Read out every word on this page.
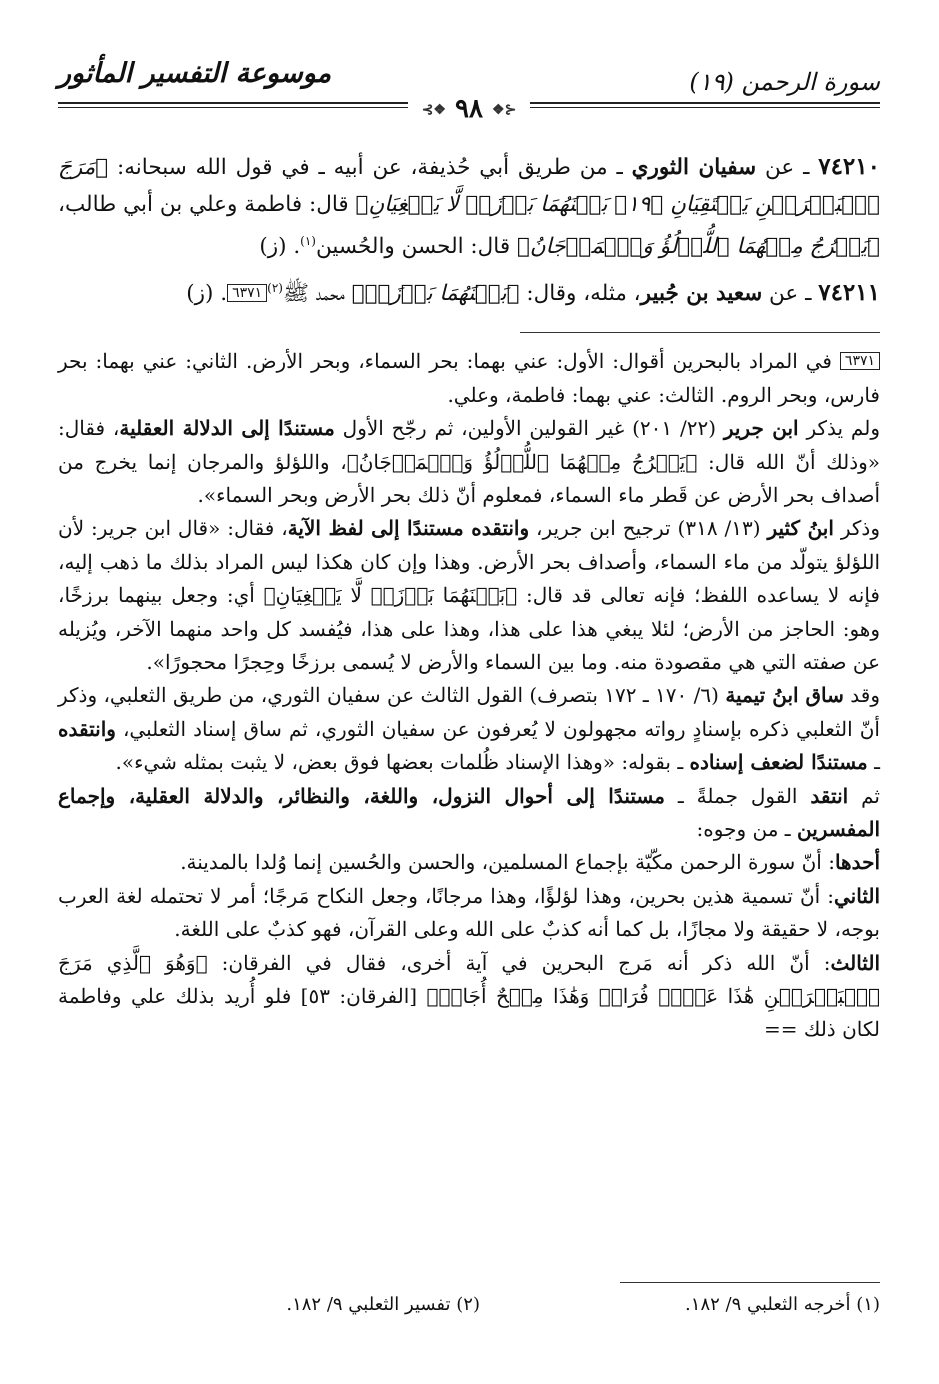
سورة الرحمن (١٩)
موسوعة التفسير المأثور
⊰❖ ٩٨ ❖⊱

٧٤٢١٠ ـ عن سفيان الثوري ـ من طريق أبي حُذيفة، عن أبيه ـ في قول الله سبحانه: ﴿مَرَجَ ٱلۡبَحۡرَيۡنِ يَلۡتَقِيَانِ ﴿١٩﴾ بَيۡنَهُمَا بَرۡزَخٞ لَّا يَبۡغِيَانِ﴾ قال: فاطمة وعلي بن أبي طالب، ﴿يَخۡرُجُ مِنۡهُمَا ٱللُّؤۡلُؤُ وَٱلۡمَرۡجَانُ﴾ قال: الحسن والحُسين$^{(١)}$. (ز)

٧٤٢١١ ـ عن سعيد بن جُبير، مثله، وقال: ﴿بَيۡنَهُمَا بَرۡزَخٞ﴾ محمد ﷺ$^{(٢)}$٦٣٧١. (ز)

٦٣٧١ في المراد بالبحرين أقوال: الأول: عني بهما: بحر السماء، وبحر الأرض. الثاني: عني بهما: بحر فارس، وبحر الروم. الثالث: عني بهما: فاطمة، وعلي.

ولم يذكر ابن جرير (٢٢/ ٢٠١) غير القولين الأولين، ثم رجّح الأول مستندًا إلى الدلالة العقلية، فقال: «وذلك أنّ الله قال: ﴿يَخۡرُجُ مِنۡهُمَا ٱللُّؤۡلُؤُ وَٱلۡمَرۡجَانُ﴾، واللؤلؤ والمرجان إنما يخرج من أصداف بحر الأرض عن قَطر ماء السماء، فمعلوم أنّ ذلك بحر الأرض وبحر السماء».

وذكر ابنُ كثير (١٣/ ٣١٨) ترجيح ابن جرير، وانتقده مستندًا إلى لفظ الآية، فقال: «قال ابن جرير: لأن اللؤلؤ يتولّد من ماء السماء، وأصداف بحر الأرض. وهذا وإن كان هكذا ليس المراد بذلك ما ذهب إليه، فإنه لا يساعده اللفظ؛ فإنه تعالى قد قال: ﴿بَيۡنَهُمَا بَرۡزَخٞ لَّا يَبۡغِيَانِ﴾ أي: وجعل بينهما برزخًا، وهو: الحاجز من الأرض؛ لئلا يبغي هذا على هذا، وهذا على هذا، فيُفسد كل واحد منهما الآخر، ويُزيله عن صفته التي هي مقصودة منه. وما بين السماء والأرض لا يُسمى برزخًا وحِجرًا محجورًا».

وقد ساق ابنُ تيمية (٦/ ١٧٠ ـ ١٧٢ بتصرف) القول الثالث عن سفيان الثوري، من طريق الثعلبي، وذكر أنّ الثعلبي ذكره بإسنادٍ رواته مجهولون لا يُعرفون عن سفيان الثوري، ثم ساق إسناد الثعلبي، وانتقده ـ مستندًا لضعف إسناده ـ بقوله: «وهذا الإسناد ظُلمات بعضها فوق بعض، لا يثبت بمثله شيء».

ثم انتقد القول جملةً ـ مستندًا إلى أحوال النزول، واللغة، والنظائر، والدلالة العقلية، وإجماع المفسرين ـ من وجوه:

أحدها: أنّ سورة الرحمن مكّيّة بإجماع المسلمين، والحسن والحُسين إنما وُلدا بالمدينة.

الثاني: أنّ تسمية هذين بحرين، وهذا لؤلؤًا، وهذا مرجانًا، وجعل النكاح مَرجًا؛ أمر لا تحتمله لغة العرب بوجه، لا حقيقة ولا مجازًا، بل كما أنه كذبٌ على الله وعلى القرآن، فهو كذبٌ على اللغة.

الثالث: أنّ الله ذكر أنه مَرج البحرين في آية أخرى، فقال في الفرقان: ﴿وَهُوَ ٱلَّذِي مَرَجَ ٱلۡبَحۡرَيۡنِ هَٰذَا عَذۡبٞ فُرَاتٞ وَهَٰذَا مِلۡحٌ أُجَاجٞ﴾ [الفرقان: ٥٣] فلو أُريد بذلك علي وفاطمة لكان ذلك ==

(١) أخرجه الثعلبي ٩/ ١٨٢.
(٢) تفسير الثعلبي ٩/ ١٨٢.
